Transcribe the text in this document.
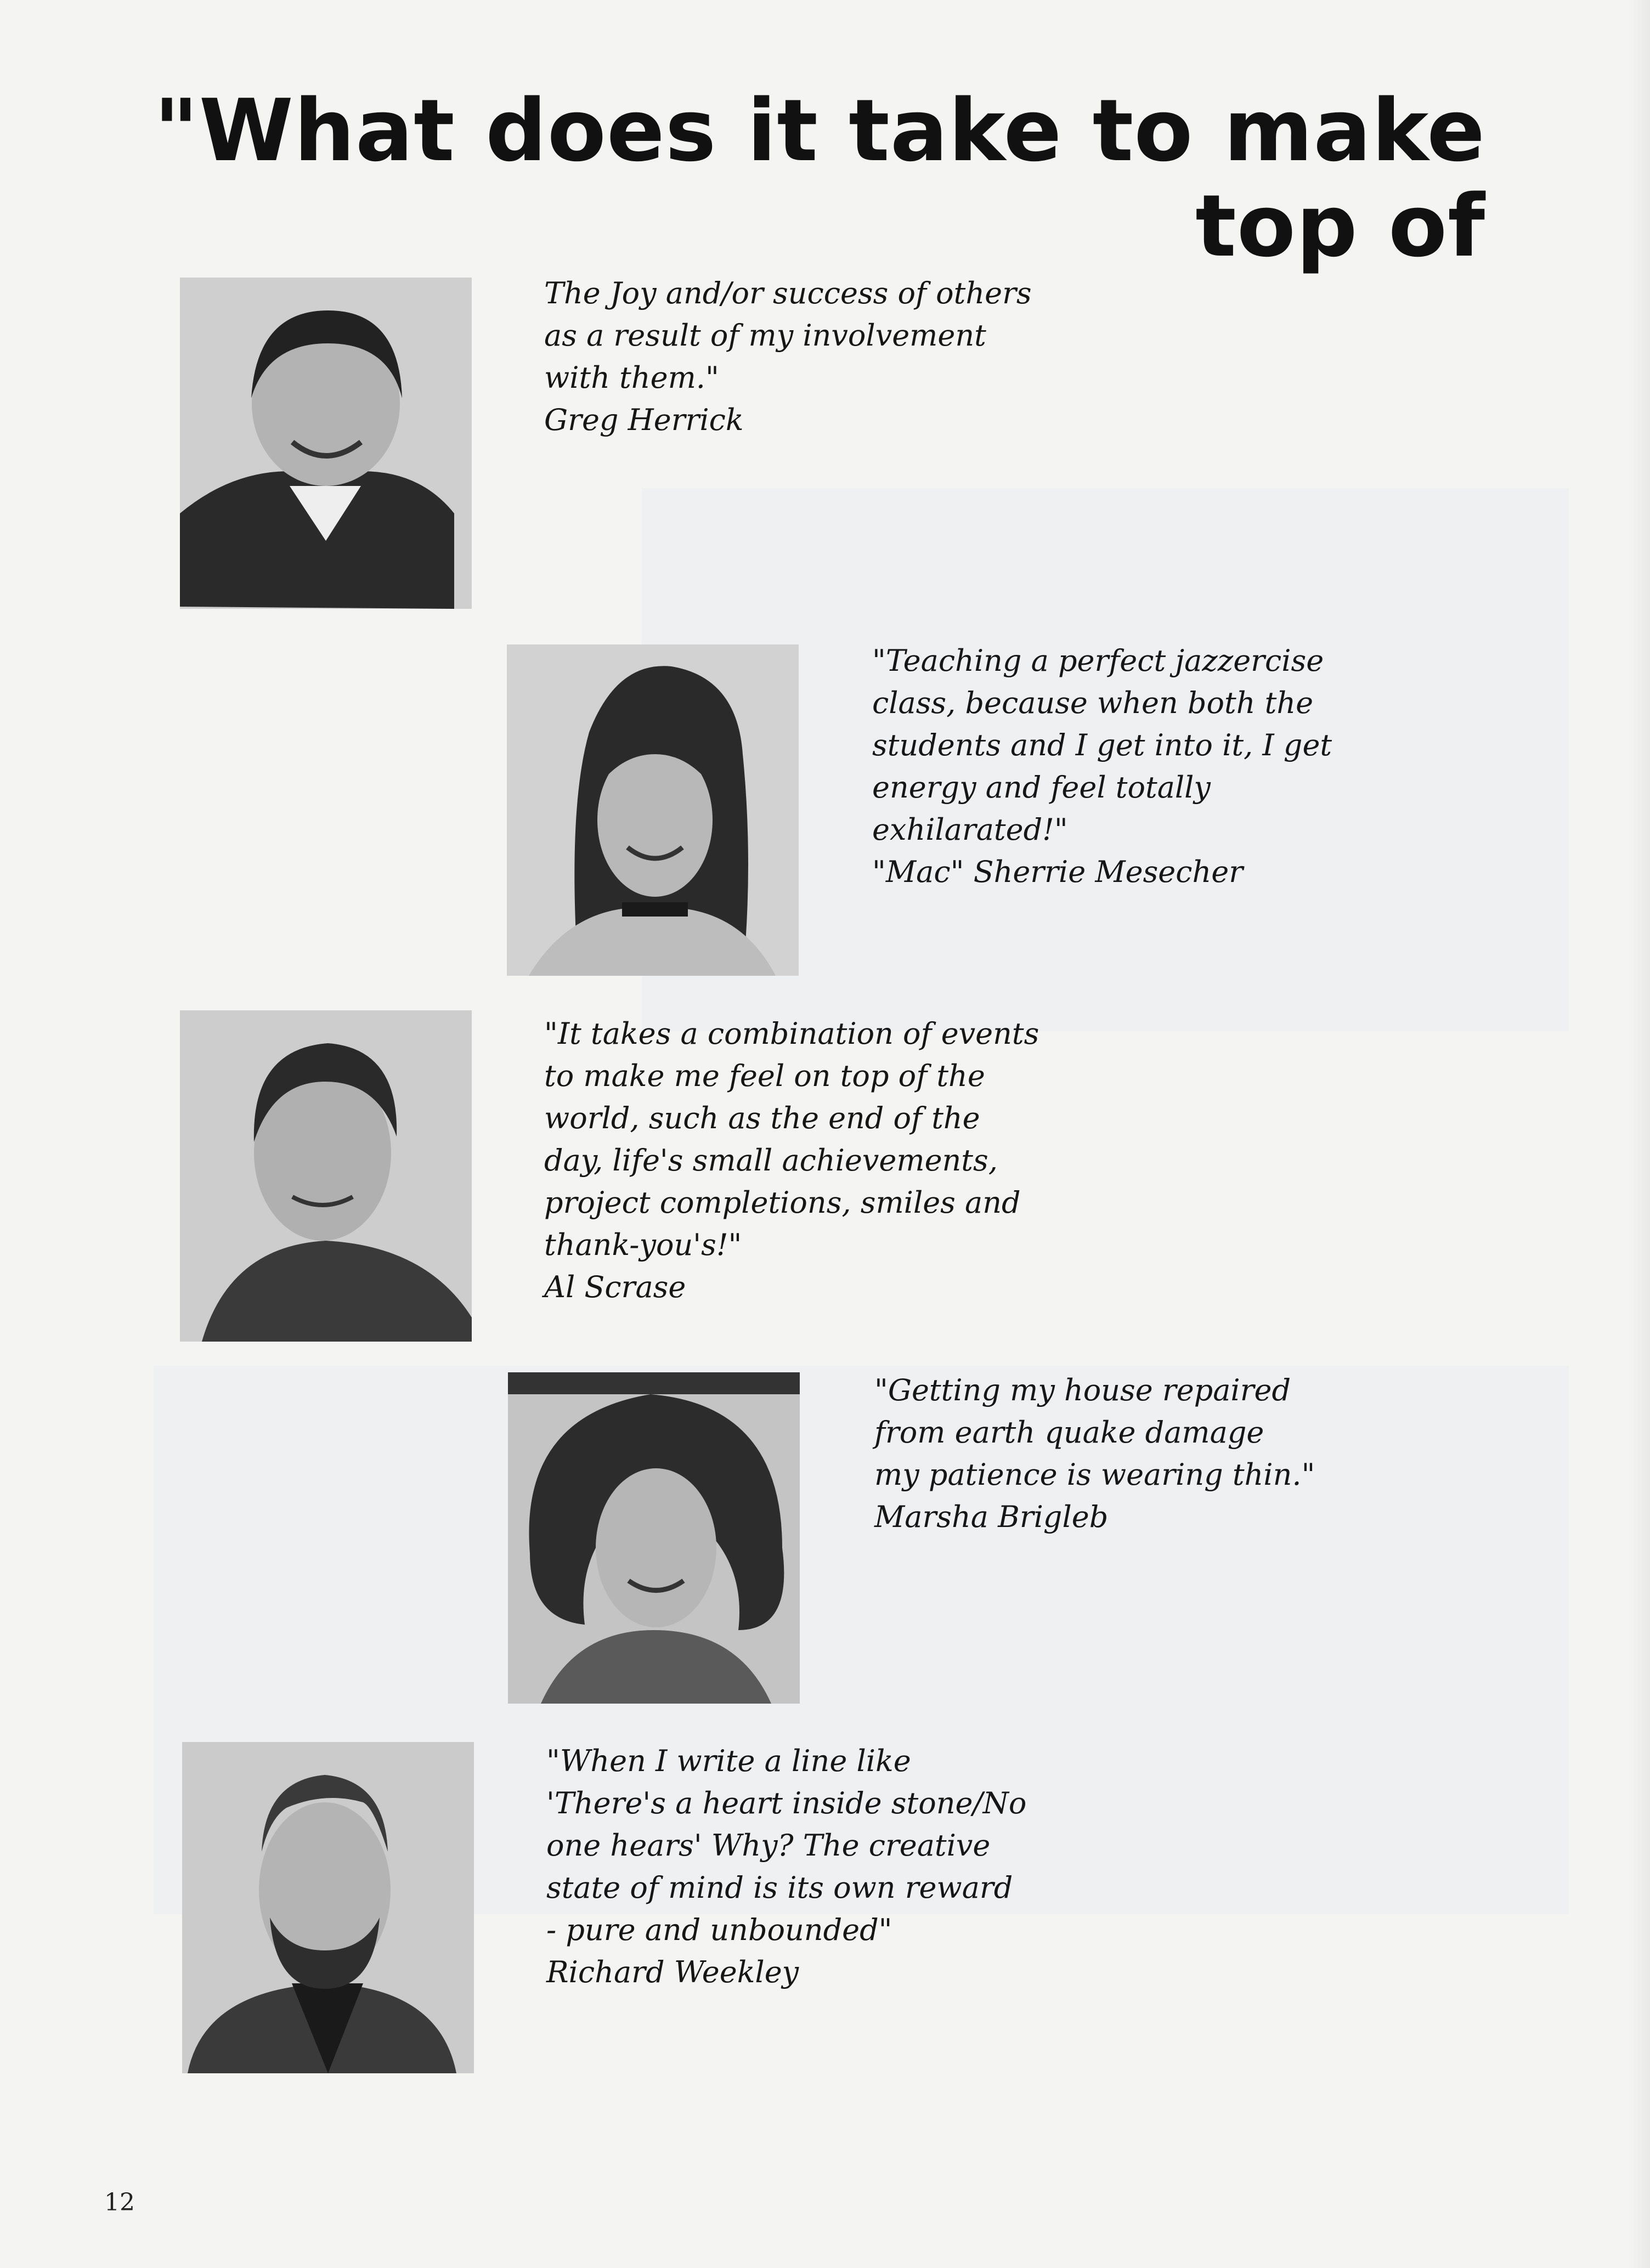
"What does it take to make
top of

The Joy and/or success of others
as a result of my involvement
with them."

Greg Herrick

"Teaching a perfect jazzercise
class, because when both the
students and I get into it, I get
energy and feel totally
exhilarated!"

"Mac" Sherrie Mesecher

"It takes a combination of events
to make me feel on top of the
world, such as the end of the
day, life's small achievements,
project completions, smiles and
thank-you's!"

Al Scrase

"Getting my house repaired
from earth quake damage
my patience is wearing thin."

Marsha Brigleb

"When I write a line like
'There's a heart inside stone/No
one hears' Why? The creative
state of mind is its own reward
- pure and unbounded"

Richard Weekley

12
